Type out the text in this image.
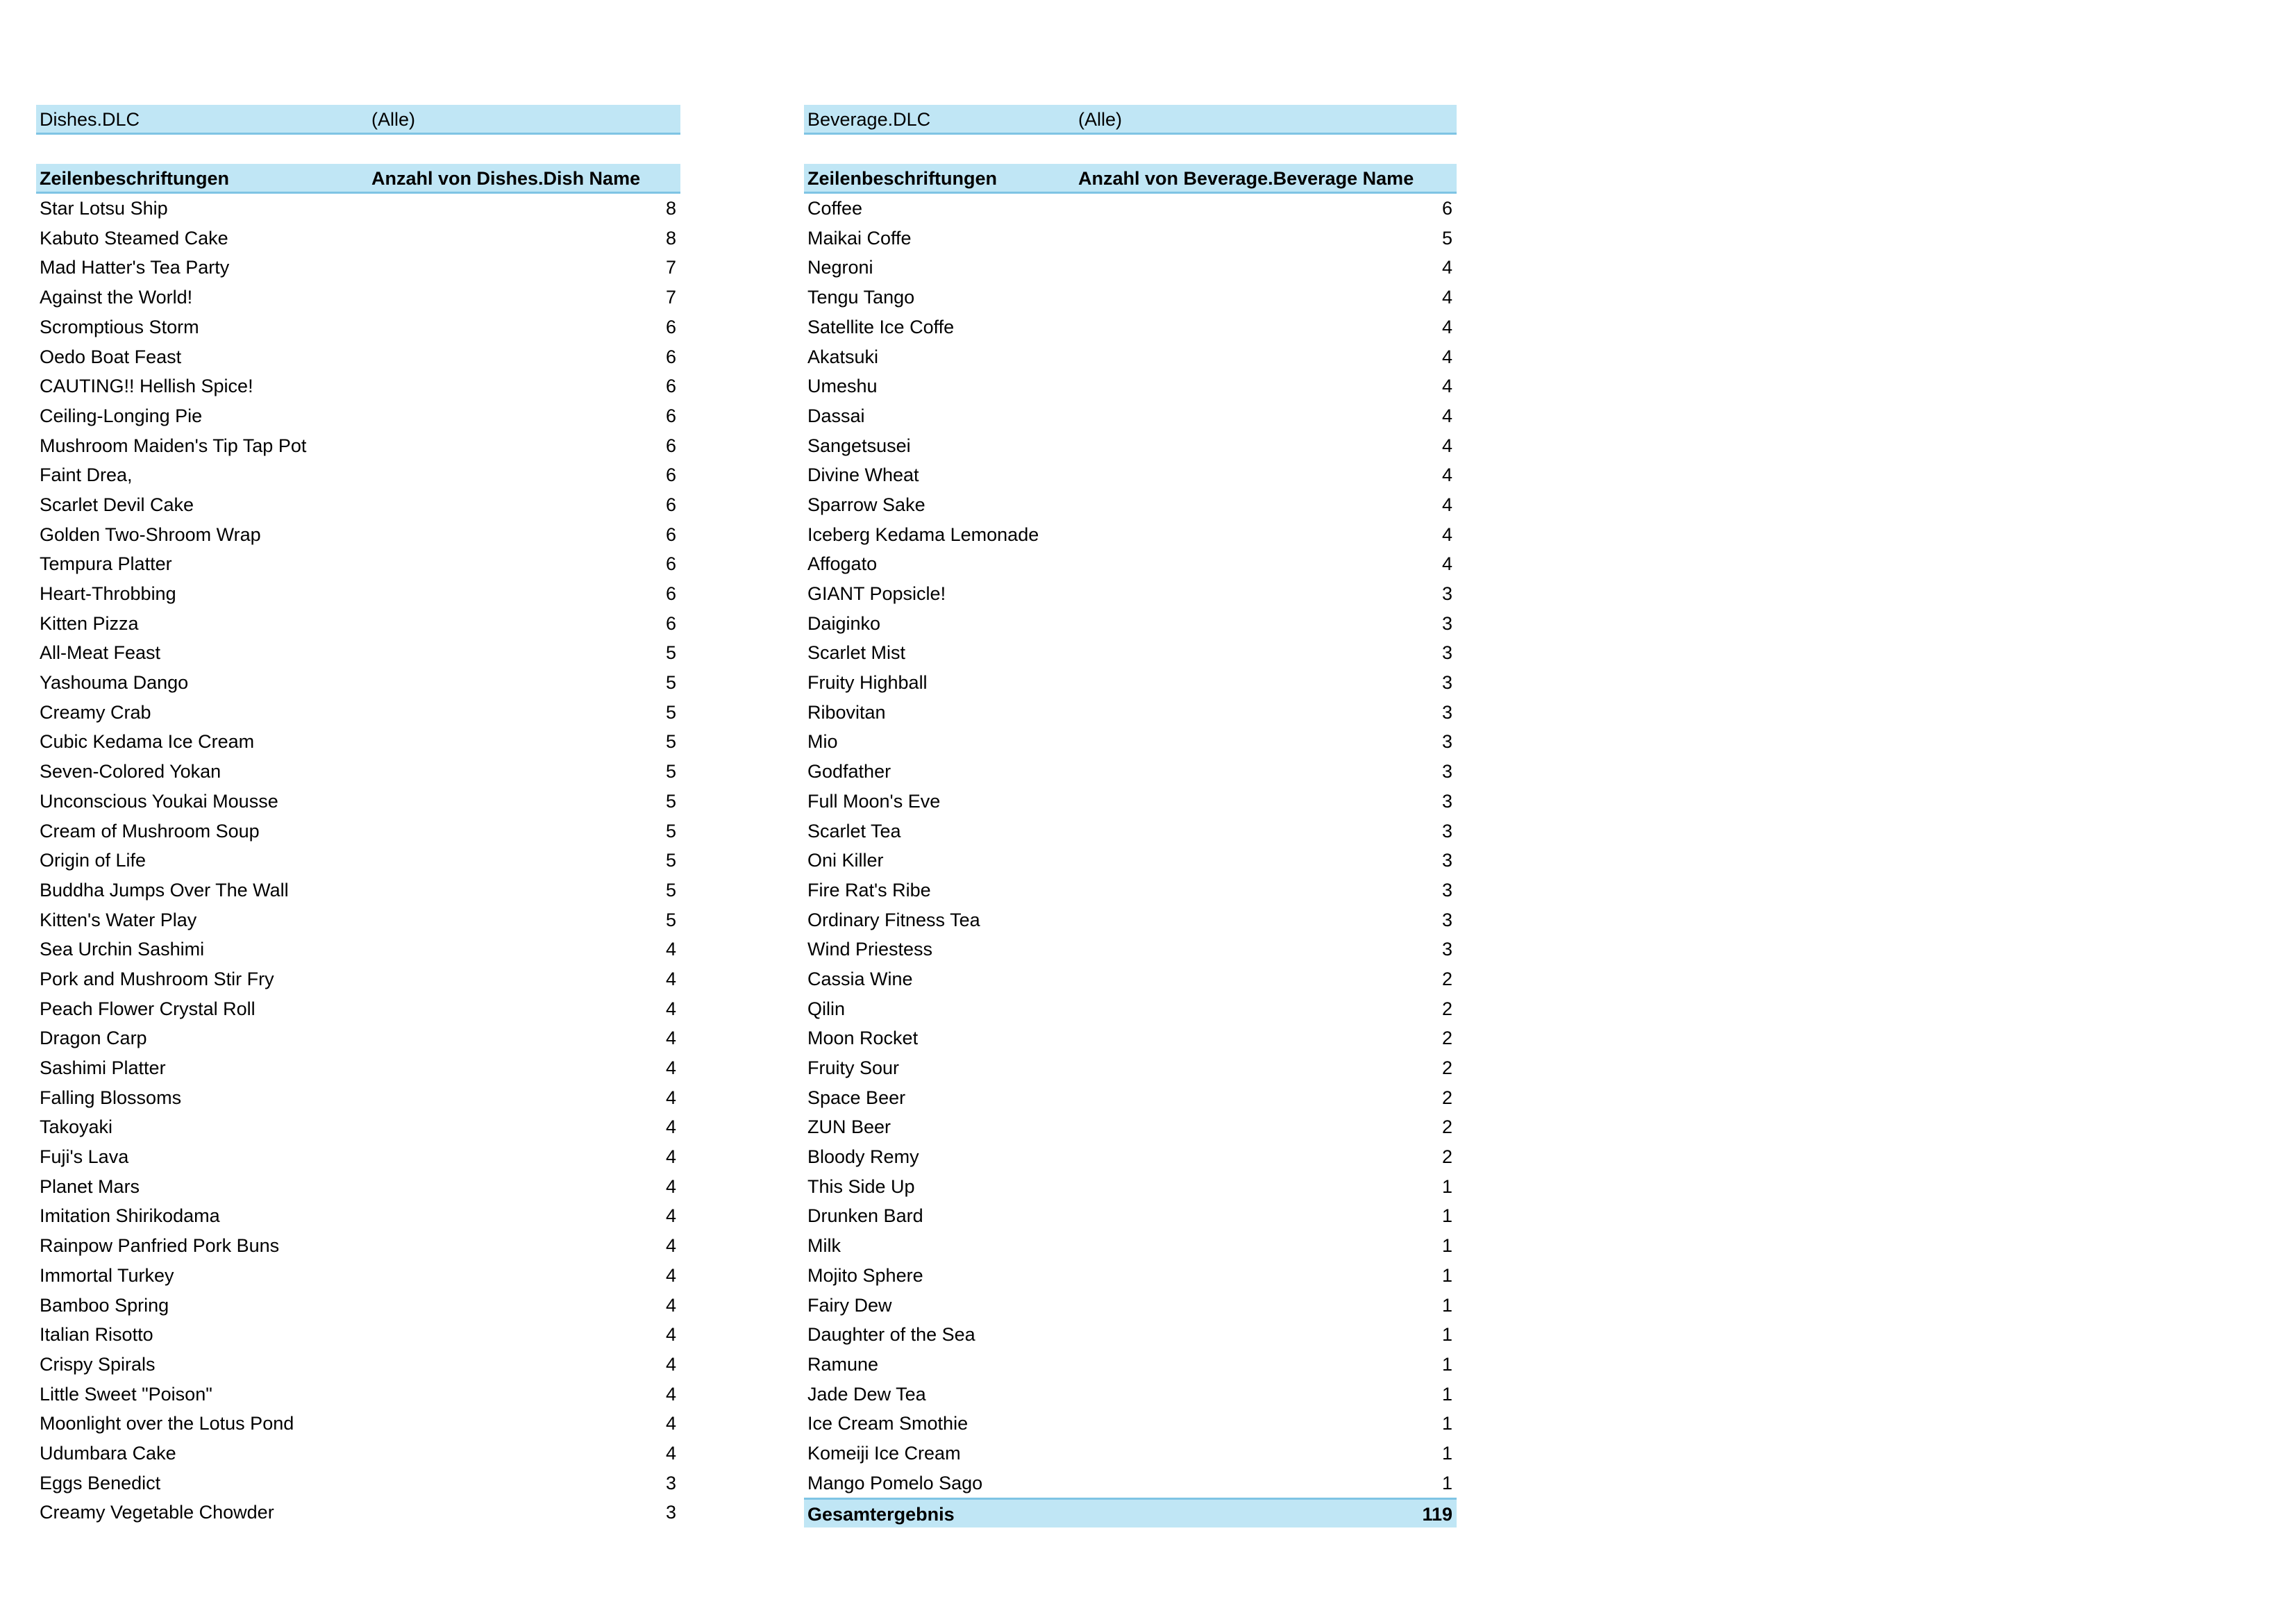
Dishes.DLC	(Alle)
Zeilenbeschriftungen	Anzahl von Dishes.Dish Name
Star Lotsu Ship	8
Kabuto Steamed Cake	8
Mad Hatter's Tea Party	7
Against the World!	7
Scromptious Storm	6
Oedo Boat Feast	6
CAUTING!! Hellish Spice!	6
Ceiling-Longing Pie	6
Mushroom Maiden's Tip Tap Pot	6
Faint Drea,	6
Scarlet Devil Cake	6
Golden Two-Shroom Wrap	6
Tempura Platter	6
Heart-Throbbing	6
Kitten Pizza	6
All-Meat Feast	5
Yashouma Dango	5
Creamy Crab	5
Cubic Kedama Ice Cream	5
Seven-Colored Yokan	5
Unconscious Youkai Mousse	5
Cream of Mushroom Soup	5
Origin of Life	5
Buddha Jumps Over The Wall	5
Kitten's Water Play	5
Sea Urchin Sashimi	4
Pork and Mushroom Stir Fry	4
Peach Flower Crystal Roll	4
Dragon Carp	4
Sashimi Platter	4
Falling Blossoms	4
Takoyaki	4
Fuji's Lava	4
Planet Mars	4
Imitation Shirikodama	4
Rainpow Panfried Pork Buns	4
Immortal Turkey	4
Bamboo Spring	4
Italian Risotto	4
Crispy Spirals	4
Little Sweet "Poison"	4
Moonlight over the Lotus Pond	4
Udumbara Cake	4
Eggs Benedict	3
Creamy Vegetable Chowder	3
Beverage.DLC	(Alle)
Zeilenbeschriftungen	Anzahl von Beverage.Beverage Name
Coffee	6
Maikai Coffe	5
Negroni	4
Tengu Tango	4
Satellite Ice Coffe	4
Akatsuki	4
Umeshu	4
Dassai	4
Sangetsusei	4
Divine Wheat	4
Sparrow Sake	4
Iceberg Kedama Lemonade	4
Affogato	4
GIANT Popsicle!	3
Daiginko	3
Scarlet Mist	3
Fruity Highball	3
Ribovitan	3
Mio	3
Godfather	3
Full Moon's Eve	3
Scarlet Tea	3
Oni Killer	3
Fire Rat's Ribe	3
Ordinary Fitness Tea	3
Wind Priestess	3
Cassia Wine	2
Qilin	2
Moon Rocket	2
Fruity Sour	2
Space Beer	2
ZUN Beer	2
Bloody Remy	2
This Side Up	1
Drunken Bard	1
Milk	1
Mojito Sphere	1
Fairy Dew	1
Daughter of the Sea	1
Ramune	1
Jade Dew Tea	1
Ice Cream Smothie	1
Komeiji Ice Cream	1
Mango Pomelo Sago	1
Gesamtergebnis	119
